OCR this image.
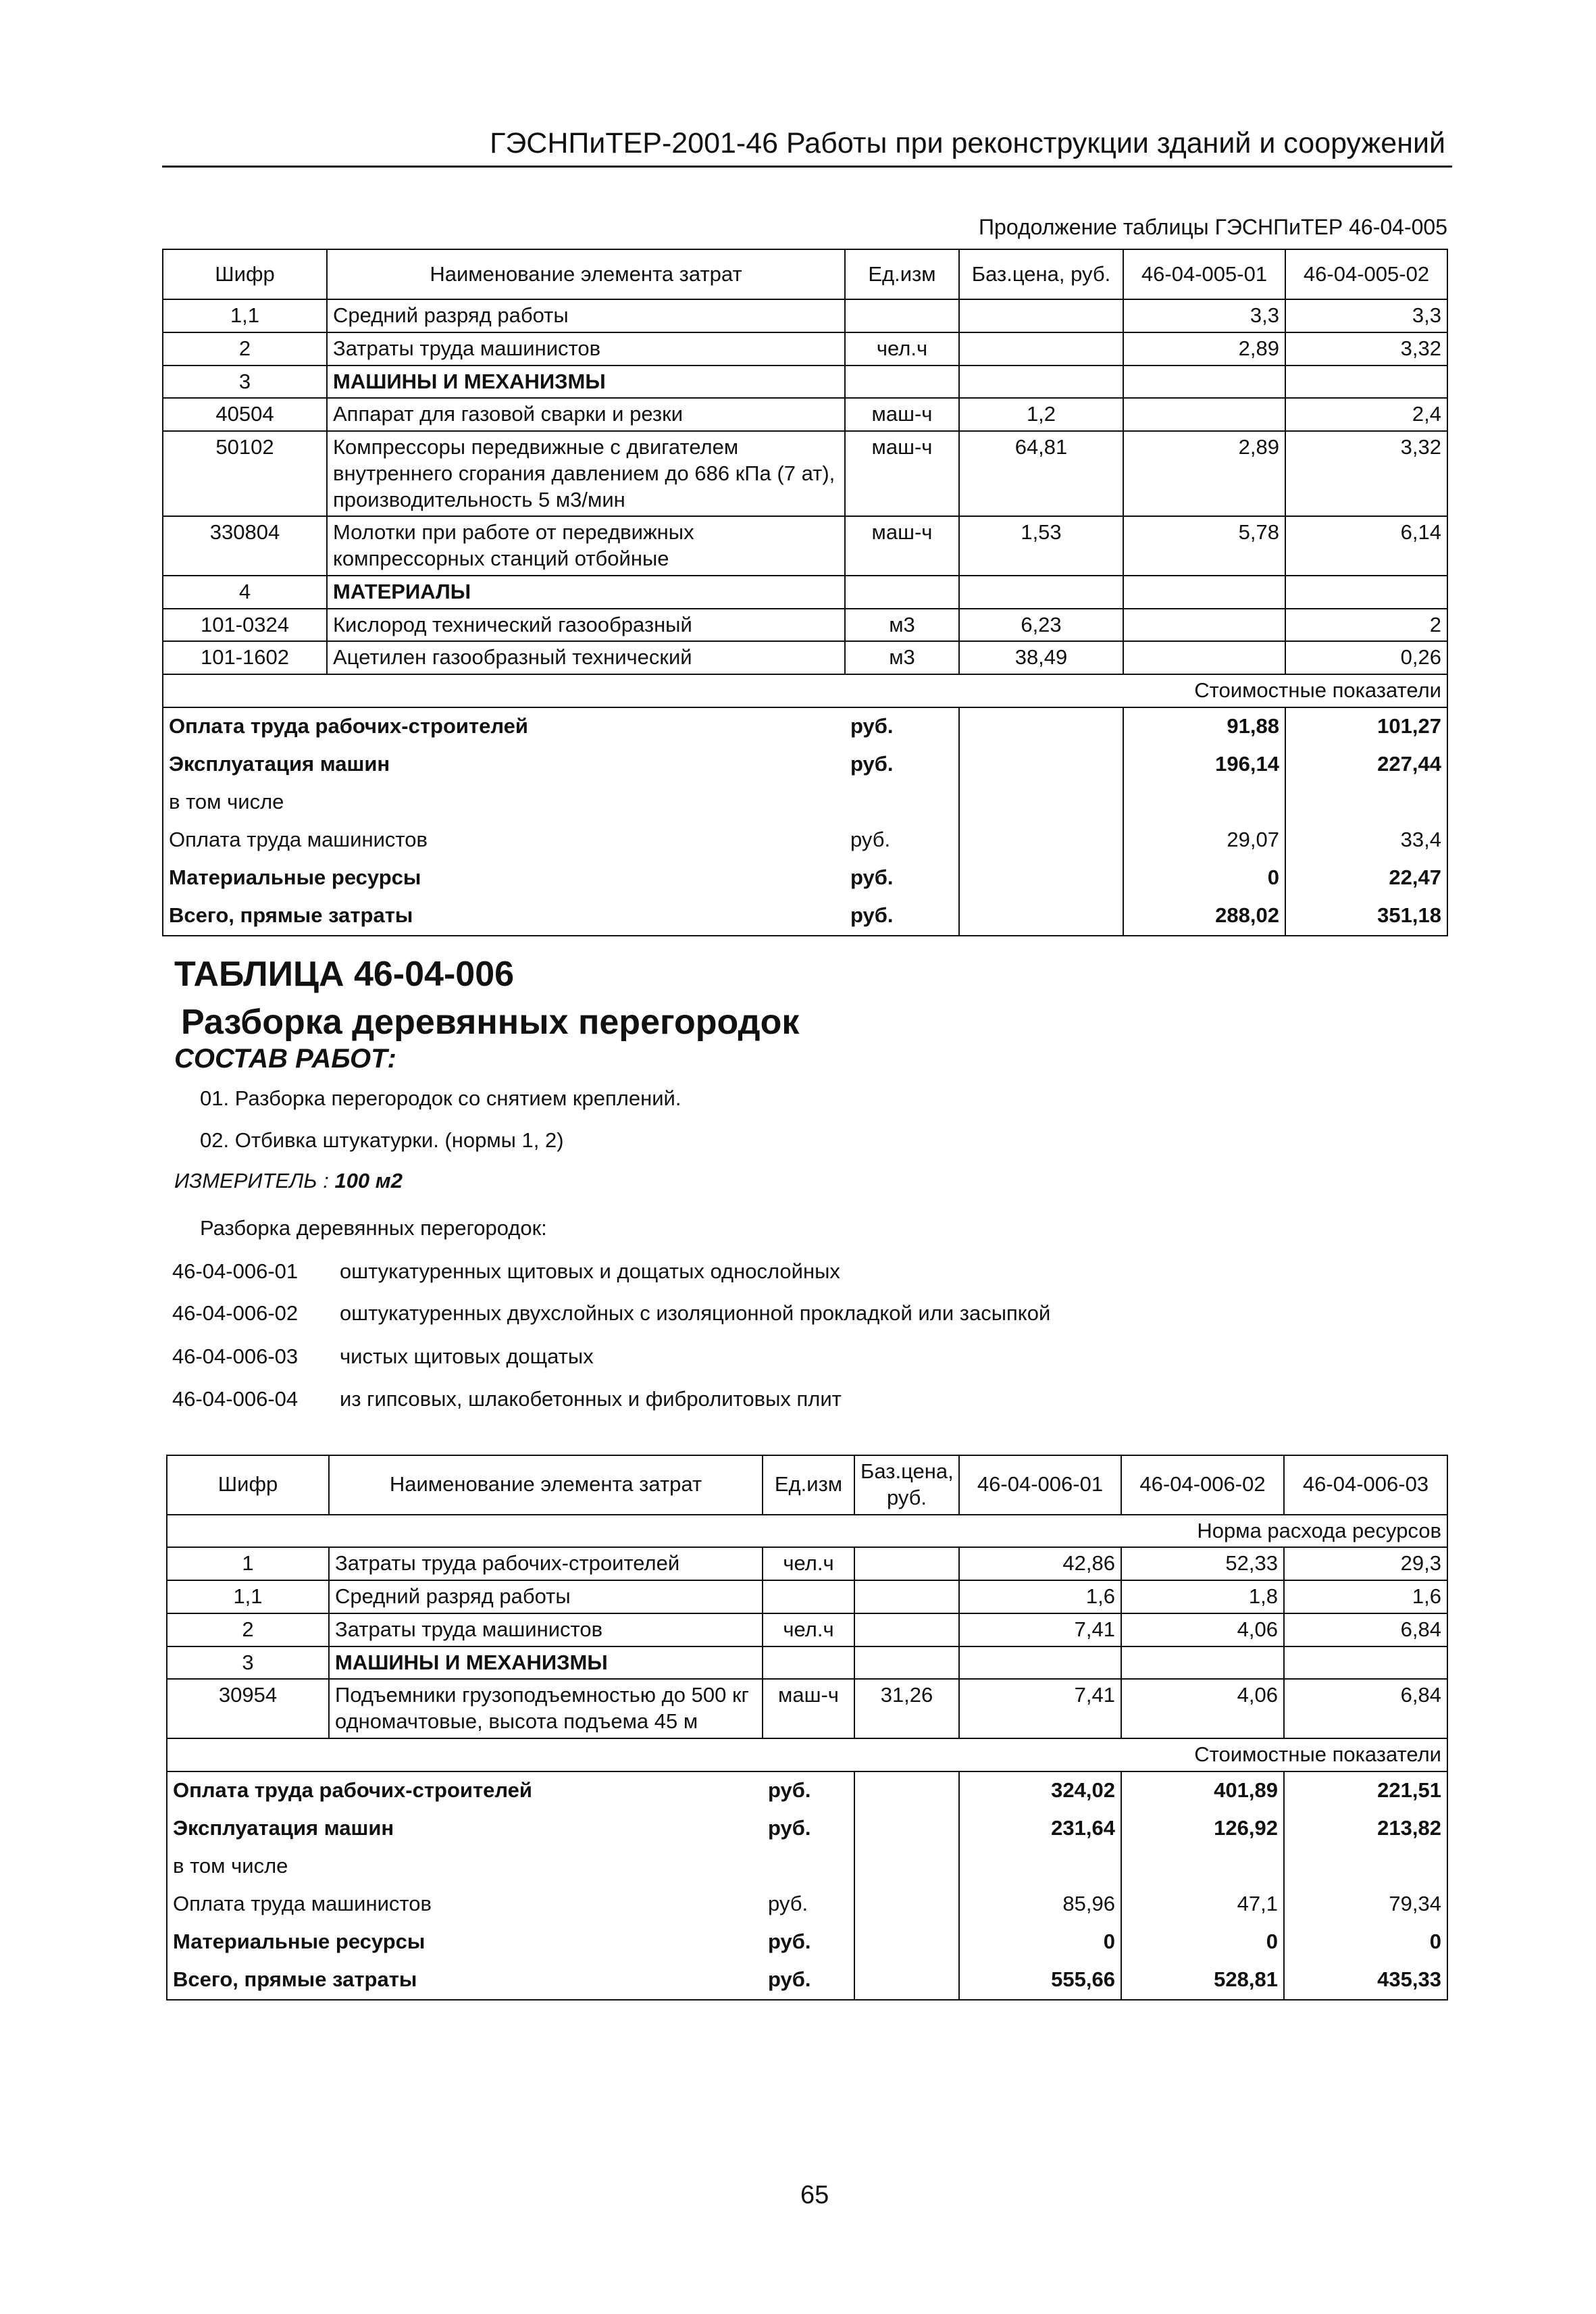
ГЭСНПиТЕР-2001-46 Работы при реконструкции зданий и сооружений
Продолжение таблицы ГЭСНПиТЕР 46-04-005
Шифр	Наименование элемента затрат	Ед.изм	Баз.цена, руб.	46-04-005-01	46-04-005-02
1,1	Средний разряд работы			3,3	3,3
2	Затраты труда машинистов	чел.ч		2,89	3,32
3	МАШИНЫ И МЕХАНИЗМЫ				
40504	Аппарат для газовой сварки и резки	маш-ч	1,2		2,4
50102	Компрессоры передвижные с двигателем внутреннего сгорания давлением до 686 кПа (7 ат), производительность 5 м3/мин	маш-ч	64,81	2,89	3,32
330804	Молотки при работе от передвижных компрессорных станций отбойные	маш-ч	1,53	5,78	6,14
4	МАТЕРИАЛЫ				
101-0324	Кислород технический газообразный	м3	6,23		2
101-1602	Ацетилен газообразный технический	м3	38,49		0,26
Стоимостные показатели					
Оплата труда рабочих-строителей		руб.		91,88	101,27
Эксплуатация машин		руб.		196,14	227,44
в том числе					
Оплата труда машинистов		руб.		29,07	33,4
Материальные ресурсы		руб.		0	22,47
Всего, прямые затраты		руб.		288,02	351,18
ТАБЛИЦА 46-04-006
Разборка деревянных перегородок
СОСТАВ РАБОТ:
01. Разборка перегородок со снятием креплений.
02. Отбивка штукатурки. (нормы 1, 2)
ИЗМЕРИТЕЛЬ : 100 м2
Разборка деревянных перегородок:
46-04-006-01 оштукатуренных щитовых и дощатых однослойных
46-04-006-02 оштукатуренных двухслойных с изоляционной прокладкой или засыпкой
46-04-006-03 чистых щитовых дощатых
46-04-006-04 из гипсовых, шлакобетонных и фибролитовых плит
Шифр	Наименование элемента затрат	Ед.изм	Баз.цена, руб.	46-04-006-01	46-04-006-02	46-04-006-03
Норма расхода ресурсов						
1	Затраты труда рабочих-строителей	чел.ч		42,86	52,33	29,3
1,1	Средний разряд работы			1,6	1,8	1,6
2	Затраты труда машинистов	чел.ч		7,41	4,06	6,84
3	МАШИНЫ И МЕХАНИЗМЫ					
30954	Подъемники грузоподъемностью до 500 кг одномачтовые, высота подъема 45 м	маш-ч	31,26	7,41	4,06	6,84
Стоимостные показатели						
Оплата труда рабочих-строителей		руб.		324,02	401,89	221,51
Эксплуатация машин		руб.		231,64	126,92	213,82
в том числе						
Оплата труда машинистов		руб.		85,96	47,1	79,34
Материальные ресурсы		руб.		0	0	0
Всего, прямые затраты		руб.		555,66	528,81	435,33
65
